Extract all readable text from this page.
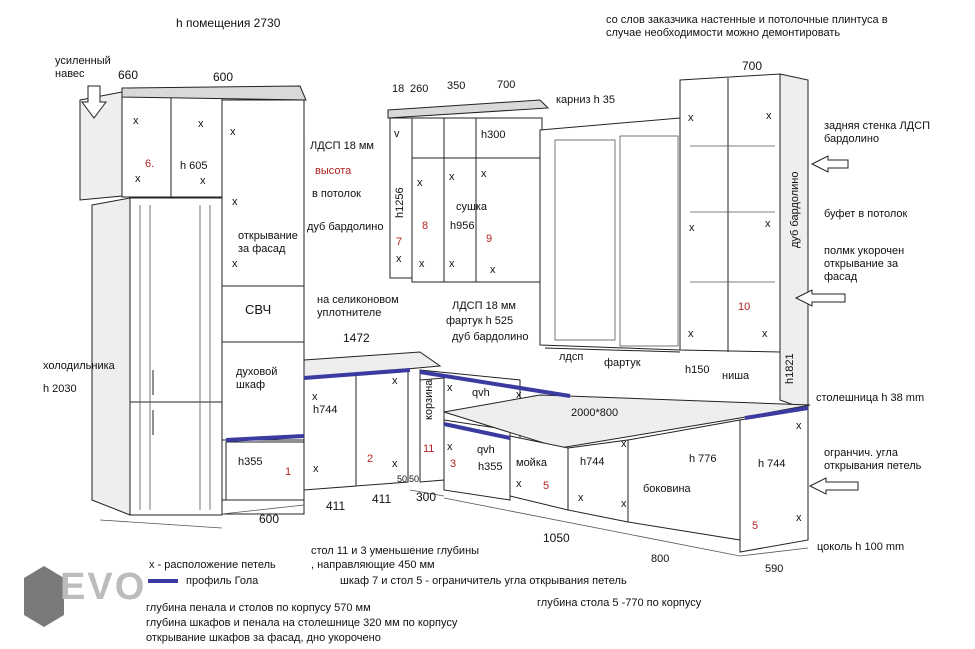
h помещения 2730	со слов заказчика настенные и потолочные плинтуса в случае необходимости можно демонтировать
усиленный навес	660	600
6. h 605
x	x
x
x	x
x
x
ЛДСП 18 мм
высота
в потолок
дуб бардолино
открывание за фасад
СВЧ
на селиконовом уплотнителе
духовой шкаф
холодильника
h 2030
h744
h355
1
2
1472
x
x
x
x
18 260 350	700
карниз h 35
h300
h1256	сушка
h956
7
8
9
ЛДСП 18 мм
фартук h 525
дуб бардолино
v
x x x
x x x	x
корзина	qvh
qvh
h355
11
3
50 50
мойка
5
h744	h 776
боковина
h 744
5
2000*800
лдсп фартук
h150 ниша	h1821
x
x
x
x
x
x
x
x
x
700
задняя стенка ЛДСП бардолино
буфет в потолок
полмк укорочен открывание за фасад
дуб бардолино
10
столешница h 38 mm
огранчич. угла открывания петель
цоколь h 100 mm
x	x
x	x
x	x
600
411 411 300
1050
800
590
x - расположение петель
профиль Гола
стол 11 и 3 уменьшение глубины
, направляющие 450 мм
шкаф 7 и стол 5 - ограничитель угла открывания петель
глубина пенала и столов по корпусу 570 мм
глубина шкафов и пенала на столешнице 320 мм по корпусу
открывание шкафов за фасад, дно укорочено
глубина стола 5 -770 по корпусу
EVO
